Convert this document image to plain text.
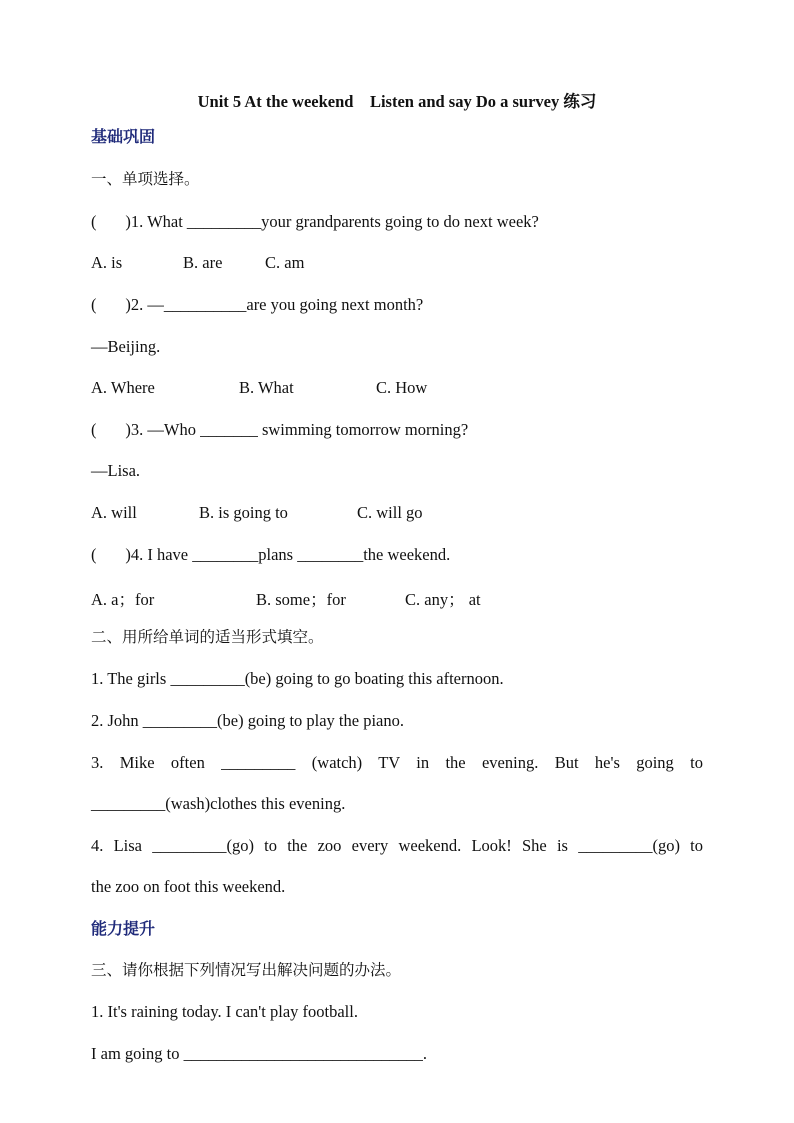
Unit 5 At the weekend    Listen and say Do a survey 练习
基础巩固
一、单项选择。
(       )1. What _________your grandparents going to do next week?
A. is	B. are	C. am
(       )2. —__________are you going next month?
—Beijing.
A. Where	B. What	C. How
(       )3. —Who _______ swimming tomorrow morning?
—Lisa.
A. will	B. is going to	C. will go
(       )4. I have ________plans ________the weekend.
A. a；for	B. some；for	C. any； at
二、用所给单词的适当形式填空。
1. The girls _________(be) going to go boating this afternoon.
2. John _________(be) going to play the piano.
3. Mike often _________ (watch) TV in the evening. But he's going to
_________(wash)clothes this evening.
4. Lisa _________(go) to the zoo every weekend. Look! She is _________(go) to
the zoo on foot this weekend.
能力提升
三、请你根据下列情况写出解决问题的办法。
1. It's raining today. I can't play football.
I am going to _____________________________.
